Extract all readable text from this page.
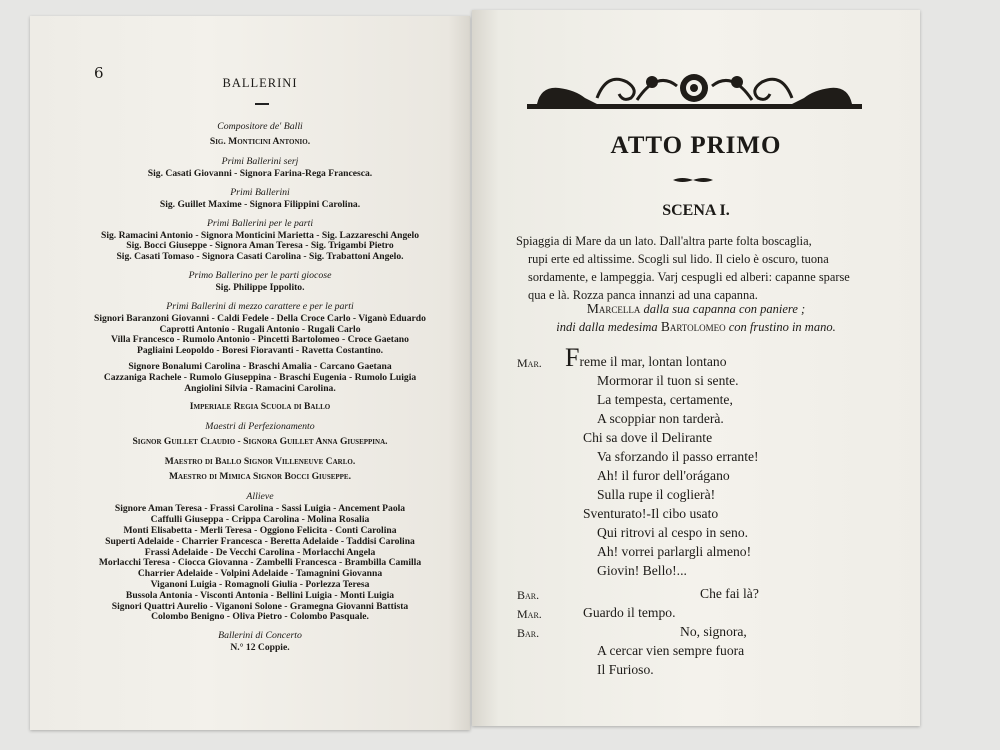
6
BALLERINI
Compositore de' Balli
Sig. Monticini Antonio.
Primi Ballerini serj
Sig. Casati Giovanni - Signora Farina-Rega Francesca.
Primi Ballerini
Sig. Guillet Maxime - Signora Filippini Carolina.
Primi Ballerini per le parti
Sig. Ramacini Antonio - Signora Monticini Marietta - Sig. Lazzareschi Angelo
Sig. Bocci Giuseppe - Signora Aman Teresa - Sig. Trigambi Pietro
Sig. Casati Tomaso - Signora Casati Carolina - Sig. Trabattoni Angelo.
Primo Ballerino per le parti giocose
Sig. Philippe Ippolito.
Primi Ballerini di mezzo carattere e per le parti
Signori Baranzoni Giovanni - Caldi Fedele - Della Croce Carlo - Viganò Eduardo
Caprotti Antonio - Rugali Antonio - Rugali Carlo
Villa Francesco - Rumolo Antonio - Pincetti Bartolomeo - Croce Gaetano
Pagliaini Leopoldo - Boresi Fioravanti - Ravetta Costantino.
Signore Bonalumi Carolina - Braschi Amalia - Carcano Gaetana
Cazzaniga Rachele - Rumolo Giuseppina - Braschi Eugenia - Rumolo Luigia
Angiolini Silvia - Ramacini Carolina.
Imperiale Regia Scuola di Ballo
Maestri di Perfezionamento
Signor Guillet Claudio - Signora Guillet Anna Giuseppina.
Maestro di Ballo Signor Villeneuve Carlo.
Maestro di Mimica Signor Bocci Giuseppe.
Allieve
Signore Aman Teresa - Frassi Carolina - Sassi Luigia - Ancement Paola
Caffulli Giuseppa - Crippa Carolina - Molina Rosalia
Monti Elisabetta - Merli Teresa - Oggiono Felicita - Conti Carolina
Superti Adelaide - Charrier Francesca - Beretta Adelaide - Taddisi Carolina
Frassi Adelaide - De Vecchi Carolina - Morlacchi Angela
Morlacchi Teresa - Ciocca Giovanna - Zambelli Francesca - Brambilla Camilla
Charrier Adelaide - Volpini Adelaide - Tamagnini Giovanna
Viganoni Luigia - Romagnoli Giulia - Porlezza Teresa
Bussola Antonia - Visconti Antonia - Bellini Luigia - Monti Luigia
Signori Quattri Aurelio - Viganoni Solone - Gramegna Giovanni Battista
Colombo Benigno - Oliva Pietro - Colombo Pasquale.
Ballerini di Concerto
N.° 12 Coppie.
ATTO PRIMO
SCENA I.
Spiaggia di Mare da un lato. Dall'altra parte folta boscaglia,
rupi erte ed altissime. Scogli sul lido. Il cielo è oscuro, tuona
sordamente, e lampeggia. Varj cespugli ed alberi: capanne sparse
qua e là. Rozza panca innanzi ad una capanna.
Marcella dalla sua capanna con paniere ;
indi dalla medesima Bartolomeo con frustino in mano.
Mar. Freme il mar, lontan lontano
Mormorar il tuon si sente.
La tempesta, certamente,
A scoppiar non tarderà.
Chi sa dove il Delirante
Va sforzando il passo errante!
Ah! il furor dell'orágano
Sulla rupe il coglierà!
Sventurato!-Il cibo usato
Qui ritrovi al cespo in seno.
Ah! vorrei parlargli almeno!
Giovin! Bello!...
Bar.	Che fai là?
Mar.	Guardo il tempo.
Bar.	No, signora,
A cercar vien sempre fuora
Il Furioso.
